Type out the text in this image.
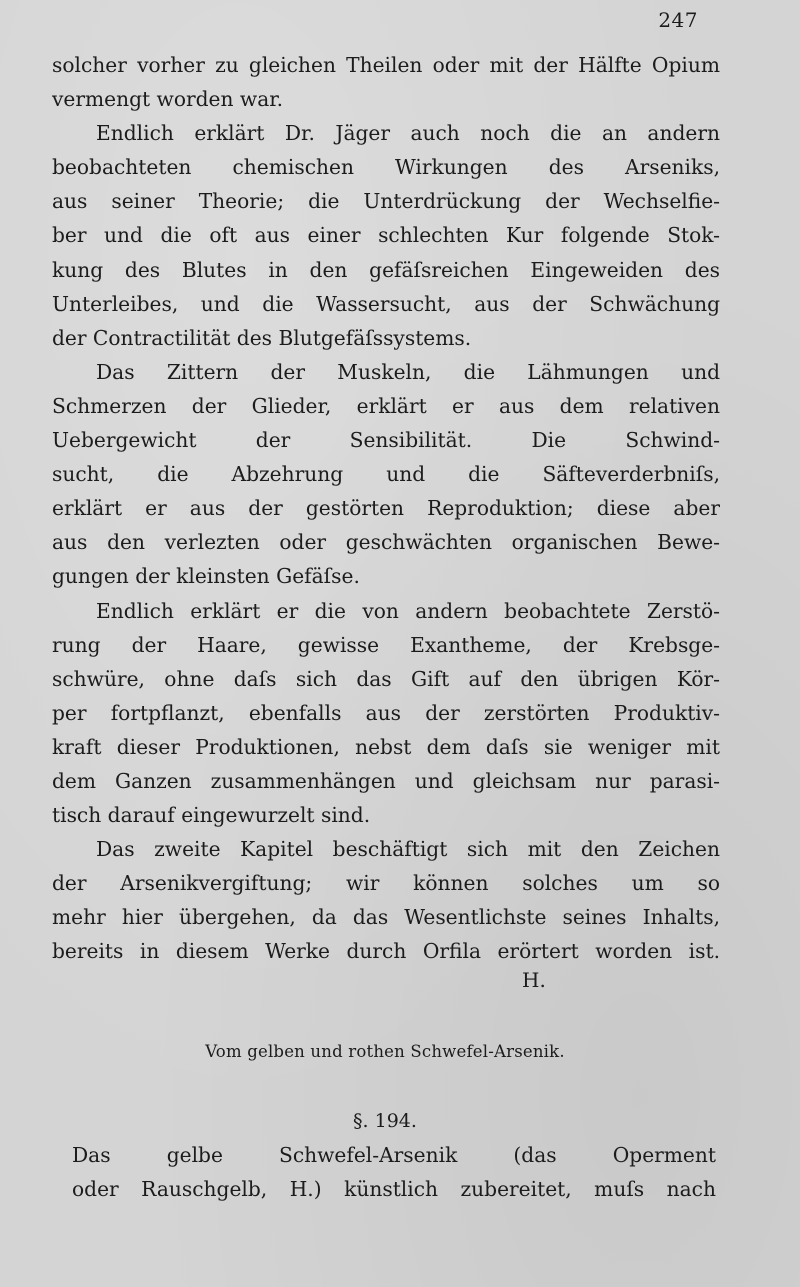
247
solcher vorher zu gleichen Theilen oder mit der Hälfte Opium
vermengt worden war.
Endlich erklärt Dr. Jäger auch noch die an andern
beobachteten chemischen Wirkungen des Arseniks,
aus seiner Theorie; die Unterdrückung der Wechselfie-
ber und die oft aus einer schlechten Kur folgende Stok-
kung des Blutes in den gefäſsreichen Eingeweiden des
Unterleibes, und die Wassersucht, aus der Schwächung
der Contractilität des Blutgefäſssystems.
Das Zittern der Muskeln, die Lähmungen und
Schmerzen der Glieder, erklärt er aus dem relativen
Uebergewicht der Sensibilität. Die Schwind-
sucht, die Abzehrung und die Säfteverderbniſs,
erklärt er aus der gestörten Reproduktion; diese aber
aus den verlezten oder geschwächten organischen Bewe-
gungen der kleinsten Gefäſse.
Endlich erklärt er die von andern beobachtete Zerstö-
rung der Haare, gewisse Exantheme, der Krebsge-
schwüre, ohne daſs sich das Gift auf den übrigen Kör-
per fortpflanzt, ebenfalls aus der zerstörten Produktiv-
kraft dieser Produktionen, nebst dem daſs sie weniger mit
dem Ganzen zusammenhängen und gleichsam nur parasi-
tisch darauf eingewurzelt sind.
Das zweite Kapitel beschäftigt sich mit den Zeichen
der Arsenikvergiftung; wir können solches um so
mehr hier übergehen, da das Wesentlichste seines Inhalts,
bereits in diesem Werke durch Orfila erörtert worden ist.
H.
Vom gelben und rothen Schwefel-Arsenik.
§. 194.
Das gelbe Schwefel-Arsenik (das Operment
oder Rauschgelb, H.) künstlich zubereitet, muſs nach
